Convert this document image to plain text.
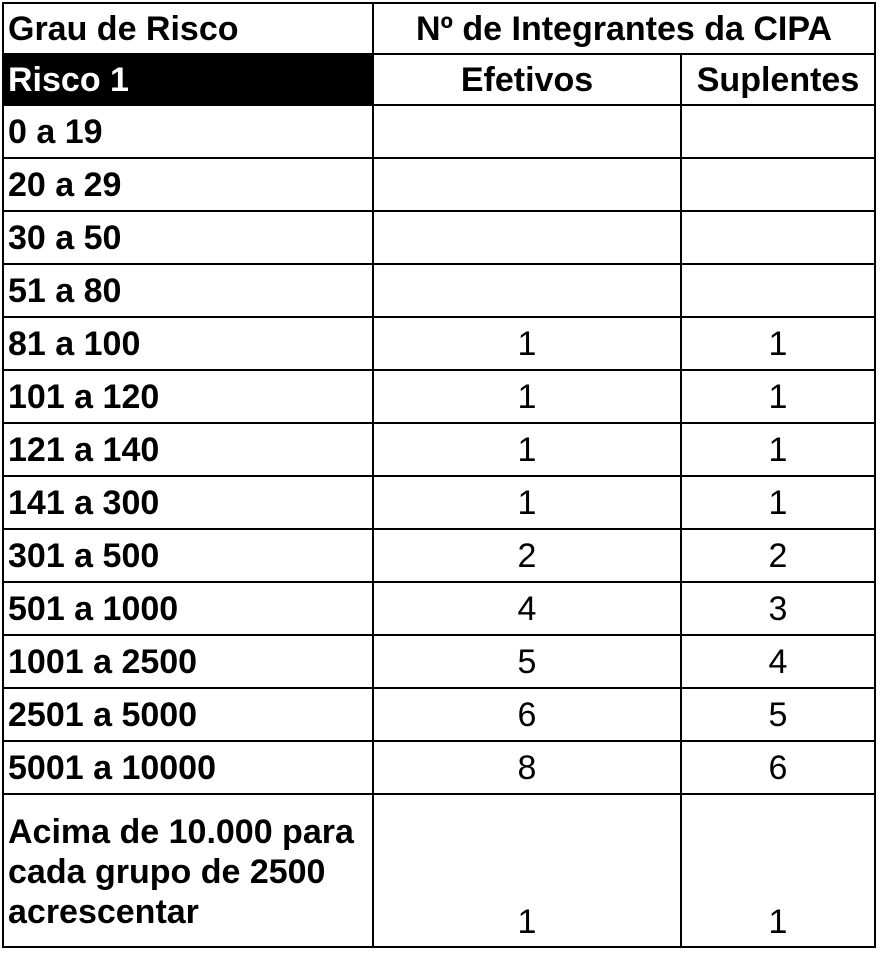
Grau de Risco	Nº de Integrantes da CIPA	
Risco 1	Efetivos	Suplentes
0 a 19		
20 a 29		
30 a 50		
51 a 80		
81 a 100	1	1
101 a 120	1	1
121 a 140	1	1
141 a 300	1	1
301 a 500	2	2
501 a 1000	4	3
1001 a 2500	5	4
2501 a 5000	6	5
5001 a 10000	8	6
Acima de 10.000 para cada grupo de 2500 acrescentar	1	1
